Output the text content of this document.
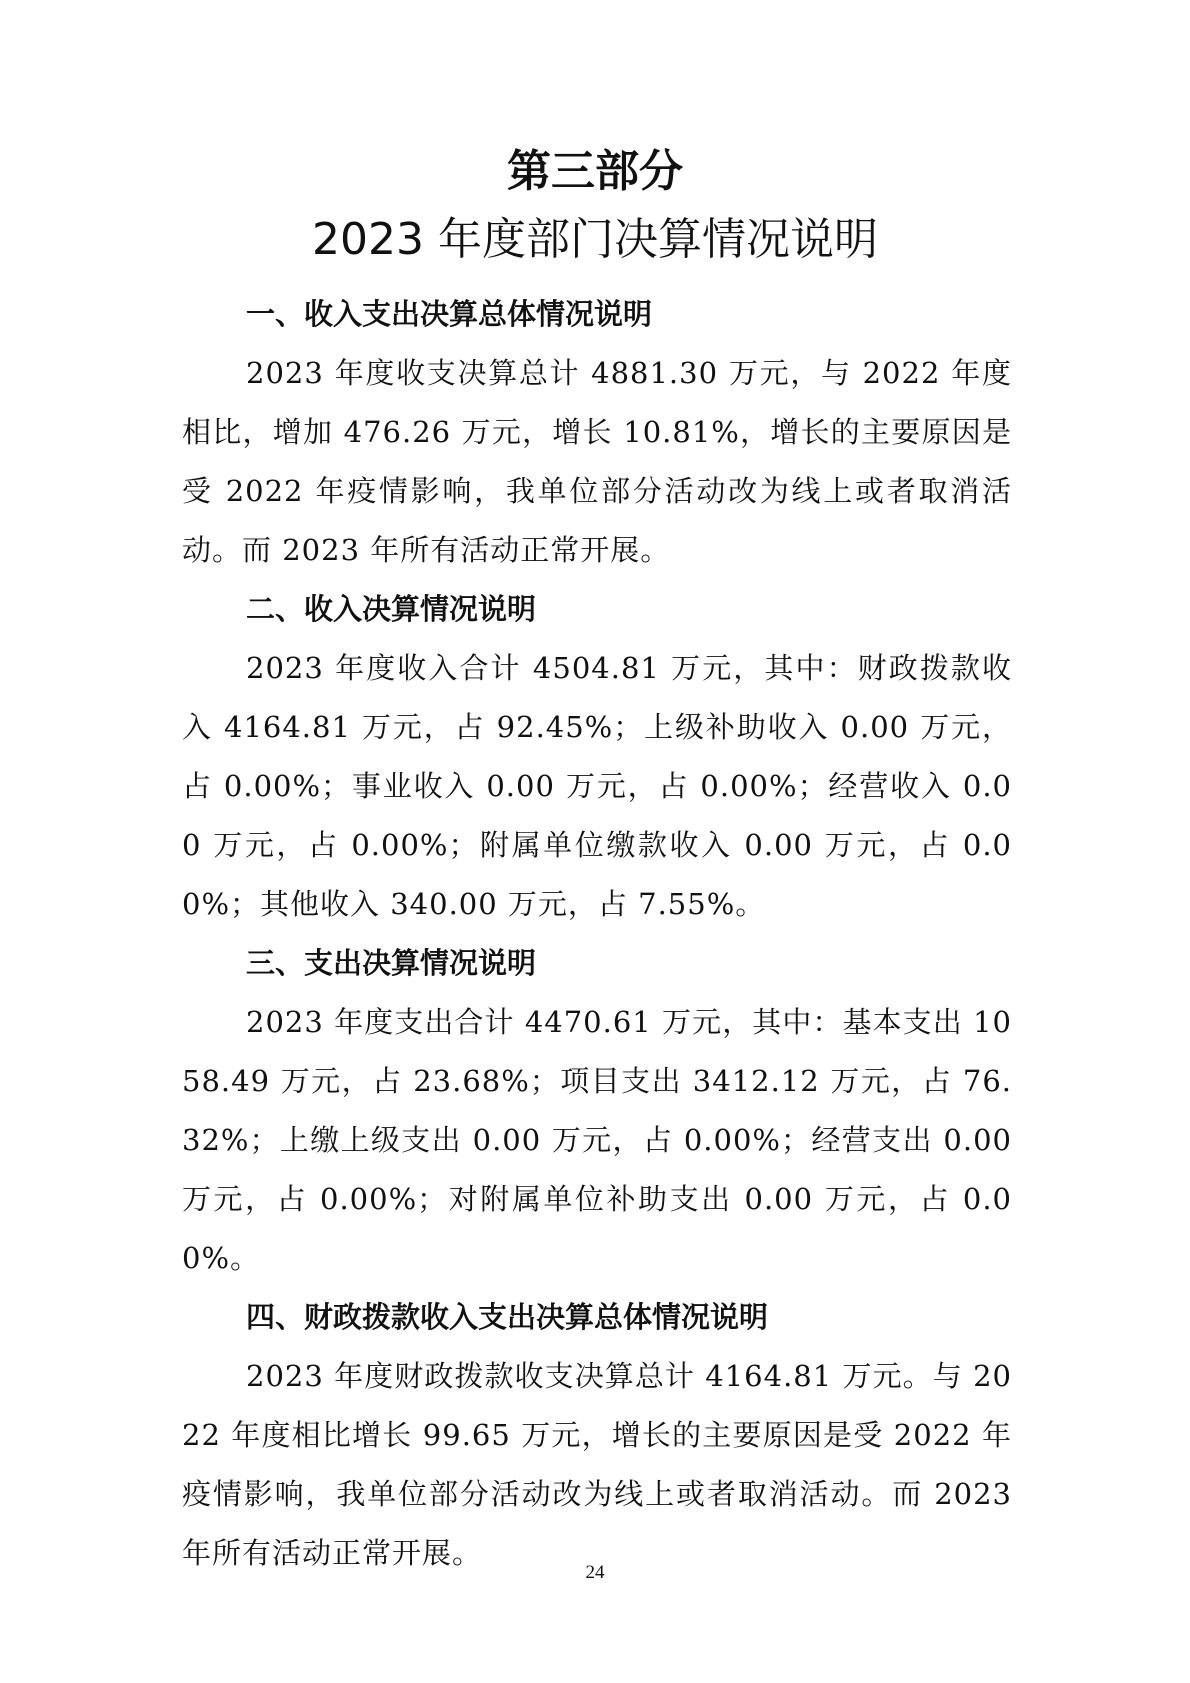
第三部分
2023 年度部门决算情况说明

一、收入支出决算总体情况说明

2023 年度收支决算总计 4881.30 万元，与 2022 年度相比，增加 476.26 万元，增长 10.81%，增长的主要原因是受 2022 年疫情影响，我单位部分活动改为线上或者取消活动。而 2023 年所有活动正常开展。

二、收入决算情况说明

2023 年度收入合计 4504.81 万元，其中：财政拨款收入 4164.81 万元，占 92.45%；上级补助收入 0.00 万元，占 0.00%；事业收入 0.00 万元，占 0.00%；经营收入 0.00 万元，占 0.00%；附属单位缴款收入 0.00 万元，占 0.00%；其他收入 340.00 万元，占 7.55%。

三、支出决算情况说明

2023 年度支出合计 4470.61 万元，其中：基本支出 1058.49 万元，占 23.68%；项目支出 3412.12 万元，占 76.32%；上缴上级支出 0.00 万元，占 0.00%；经营支出 0.00 万元，占 0.00%；对附属单位补助支出 0.00 万元，占 0.00%。

四、财政拨款收入支出决算总体情况说明

2023 年度财政拨款收支决算总计 4164.81 万元。与 2022 年度相比增长 99.65 万元，增长的主要原因是受 2022 年疫情影响，我单位部分活动改为线上或者取消活动。而 2023 年所有活动正常开展。

24
